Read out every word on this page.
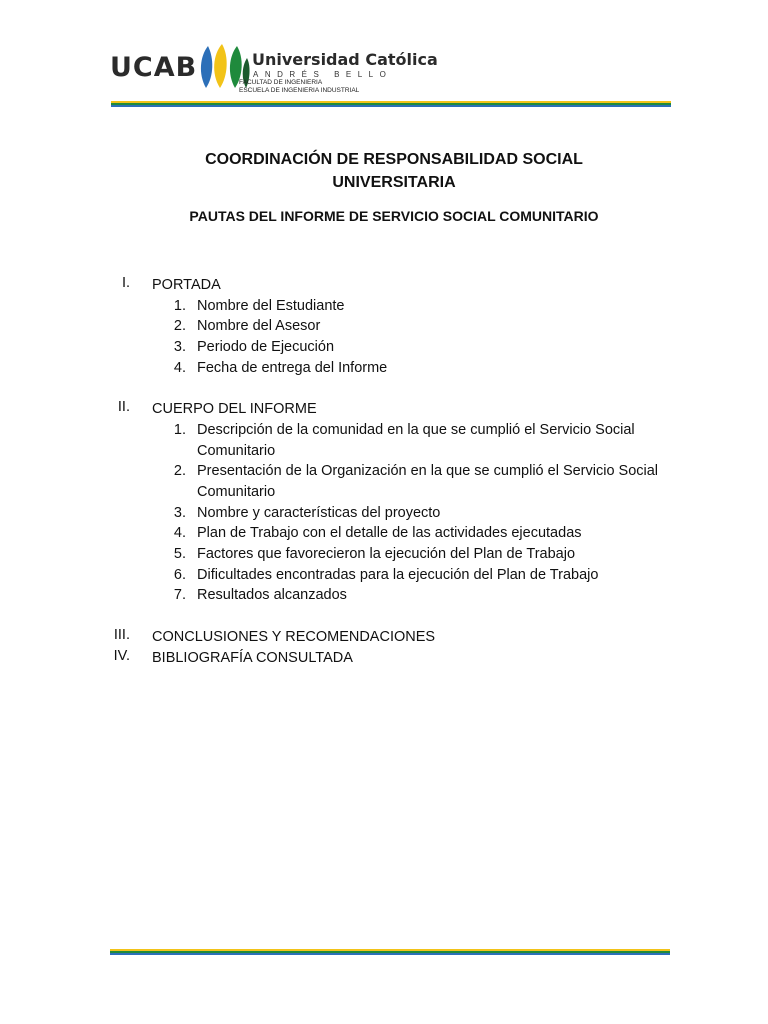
UCAB	Universidad Católica
ANDRÉS BELLO
FACULTAD DE INGENIERIA
ESCUELA DE INGENIERIA INDUSTRIAL
COORDINACIÓN DE RESPONSABILIDAD SOCIAL
UNIVERSITARIA
PAUTAS DEL INFORME DE SERVICIO SOCIAL COMUNITARIO
I. PORTADA
1. Nombre del Estudiante
2. Nombre del Asesor
3. Periodo de Ejecución
4. Fecha de entrega del Informe
II. CUERPO DEL INFORME
1. Descripción de la comunidad en la que se cumplió el Servicio Social Comunitario
2. Presentación de la Organización en la que se cumplió el Servicio Social Comunitario
3. Nombre y características del proyecto
4. Plan de Trabajo con el detalle de las actividades ejecutadas
5. Factores que favorecieron la ejecución del Plan de Trabajo
6. Dificultades encontradas para la ejecución del Plan de Trabajo
7. Resultados alcanzados
III. CONCLUSIONES Y RECOMENDACIONES
IV. BIBLIOGRAFÍA CONSULTADA
